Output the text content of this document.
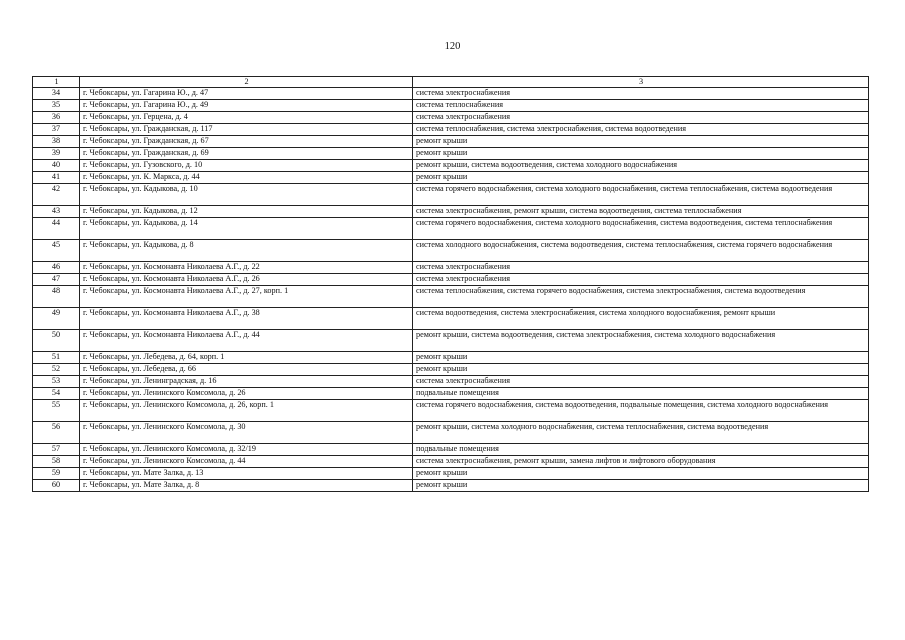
120
1	2	3
34	г. Чебоксары, ул. Гагарина Ю., д. 47	система электроснабжения
35	г. Чебоксары, ул. Гагарина Ю., д. 49	система теплоснабжения
36	г. Чебоксары, ул. Герцена, д. 4	система электроснабжения
37	г. Чебоксары, ул. Гражданская, д. 117	система теплоснабжения, система электроснабжения, система водоотведения
38	г. Чебоксары, ул. Гражданская, д. 67	ремонт крыши
39	г. Чебоксары, ул. Гражданская, д. 69	ремонт крыши
40	г. Чебоксары, ул. Гузовского, д. 10	ремонт крыши, система водоотведения, система холодного водоснабжения
41	г. Чебоксары, ул. К. Маркса, д. 44	ремонт крыши
42	г. Чебоксары, ул. Кадыкова, д. 10	система горячего водоснабжения, система холодного водоснабжения, система теплоснабжения, система водоотведения
43	г. Чебоксары, ул. Кадыкова, д. 12	система электроснабжения, ремонт крыши, система водоотведения, система теплоснабжения
44	г. Чебоксары, ул. Кадыкова, д. 14	система горячего водоснабжения, система холодного водоснабжения, система водоотведения, система теплоснабжения
45	г. Чебоксары, ул. Кадыкова, д. 8	система холодного водоснабжения, система водоотведения, система теплоснабжения, система горячего водоснабжения
46	г. Чебоксары, ул. Космонавта Николаева А.Г., д. 22	система электроснабжения
47	г. Чебоксары, ул. Космонавта Николаева А.Г., д. 26	система электроснабжения
48	г. Чебоксары, ул. Космонавта Николаева А.Г., д. 27, корп. 1	система теплоснабжения, система горячего водоснабжения, система электроснабжения, система водоотведения
49	г. Чебоксары, ул. Космонавта Николаева А.Г., д. 38	система водоотведения, система электроснабжения, система холодного водоснабжения, ремонт крыши
50	г. Чебоксары, ул. Космонавта Николаева А.Г., д. 44	ремонт крыши, система водоотведения, система электроснабжения, система холодного водоснабжения
51	г. Чебоксары, ул. Лебедева, д. 64, корп. 1	ремонт крыши
52	г. Чебоксары, ул. Лебедева, д. 66	ремонт крыши
53	г. Чебоксары, ул. Ленинградская, д. 16	система электроснабжения
54	г. Чебоксары, ул. Ленинского Комсомола, д. 26	подвальные помещения
55	г. Чебоксары, ул. Ленинского Комсомола, д. 26, корп. 1	система горячего водоснабжения, система водоотведения, подвальные помещения, система холодного водоснабжения
56	г. Чебоксары, ул. Ленинского Комсомола, д. 30	ремонт крыши, система холодного водоснабжения, система теплоснабжения, система водоотведения
57	г. Чебоксары, ул. Ленинского Комсомола, д. 32/19	подвальные помещения
58	г. Чебоксары, ул. Ленинского Комсомола, д. 44	система электроснабжения, ремонт крыши, замена лифтов и лифтового оборудования
59	г. Чебоксары, ул. Мате Залка, д. 13	ремонт крыши
60	г. Чебоксары, ул. Мате Залка, д. 8	ремонт крыши
